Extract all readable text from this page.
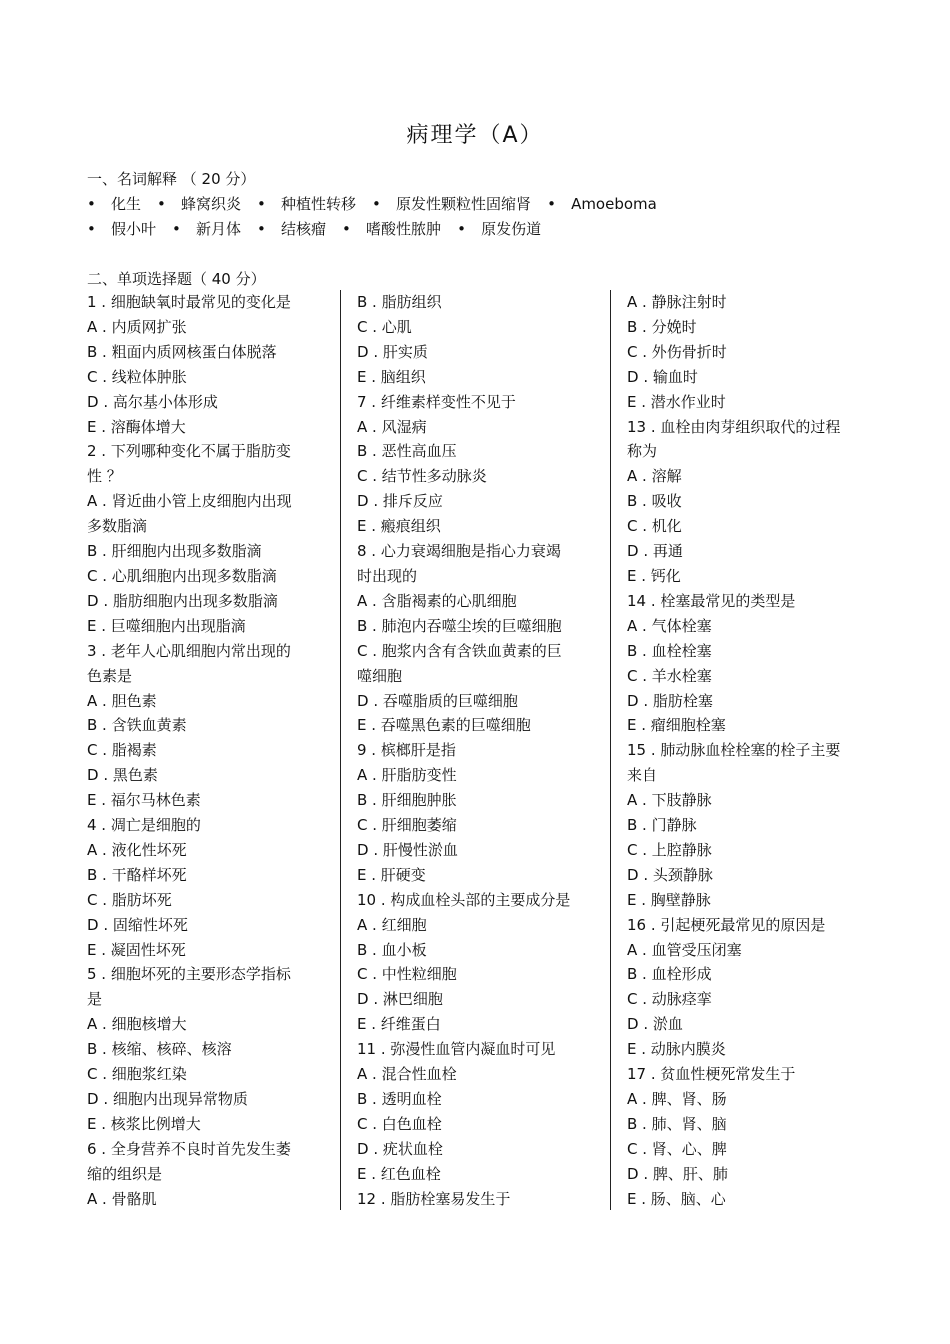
病理学（A）
一、名词解释 （ 20 分）
• 化生 • 蜂窝织炎 • 种植性转移 • 原发性颗粒性固缩肾 • Amoeboma
• 假小叶 • 新月体 • 结核瘤 • 嗜酸性脓肿 • 原发伤道
二、单项选择题（ 40 分）
1 . 细胞缺氧时最常见的变化是
A . 内质网扩张
B . 粗面内质网核蛋白体脱落
C . 线粒体肿胀
D . 高尔基小体形成
E . 溶酶体增大
2 . 下列哪种变化不属于脂肪变
性 ？
A . 肾近曲小管上皮细胞内出现
多数脂滴
B . 肝细胞内出现多数脂滴
C . 心肌细胞内出现多数脂滴
D . 脂肪细胞内出现多数脂滴
E . 巨噬细胞内出现脂滴
3 . 老年人心肌细胞内常出现的
色素是
A . 胆色素
B . 含铁血黄素
C . 脂褐素
D . 黑色素
E . 福尔马林色素
4 . 凋亡是细胞的
A . 液化性坏死
B . 干酪样坏死
C . 脂肪坏死
D . 固缩性坏死
E . 凝固性坏死
5 . 细胞坏死的主要形态学指标
是
A . 细胞核增大
B . 核缩、核碎、核溶
C . 细胞浆红染
D . 细胞内出现异常物质
E . 核浆比例增大
6 . 全身营养不良时首先发生萎
缩的组织是
A . 骨骼肌
B . 脂肪组织
C . 心肌
D . 肝实质
E . 脑组织
7 . 纤维素样变性不见于
A . 风湿病
B . 恶性高血压
C . 结节性多动脉炎
D . 排斥反应
E . 瘢痕组织
8 . 心力衰竭细胞是指心力衰竭
时出现的
A . 含脂褐素的心肌细胞
B . 肺泡内吞噬尘埃的巨噬细胞
C . 胞浆内含有含铁血黄素的巨
噬细胞
D . 吞噬脂质的巨噬细胞
E . 吞噬黑色素的巨噬细胞
9 . 槟榔肝是指
A . 肝脂肪变性
B . 肝细胞肿胀
C . 肝细胞萎缩
D . 肝慢性淤血
E . 肝硬变
10 . 构成血栓头部的主要成分是
A . 红细胞
B . 血小板
C . 中性粒细胞
D . 淋巴细胞
E . 纤维蛋白
11 . 弥漫性血管内凝血时可见
A . 混合性血栓
B . 透明血栓
C . 白色血栓
D . 疣状血栓
E . 红色血栓
12 . 脂肪栓塞易发生于
A . 静脉注射时
B . 分娩时
C . 外伤骨折时
D . 输血时
E . 潜水作业时
13 . 血栓由肉芽组织取代的过程
称为
A . 溶解
B . 吸收
C . 机化
D . 再通
E . 钙化
14 . 栓塞最常见的类型是
A . 气体栓塞
B . 血栓栓塞
C . 羊水栓塞
D . 脂肪栓塞
E . 瘤细胞栓塞
15 . 肺动脉血栓栓塞的栓子主要
来自
A . 下肢静脉
B . 门静脉
C . 上腔静脉
D . 头颈静脉
E . 胸壁静脉
16 . 引起梗死最常见的原因是
A . 血管受压闭塞
B . 血栓形成
C . 动脉痉挛
D . 淤血
E . 动脉内膜炎
17 . 贫血性梗死常发生于
A . 脾、肾、肠
B . 肺、肾、脑
C . 肾、心、脾
D . 脾、肝、肺
E . 肠、脑、心
